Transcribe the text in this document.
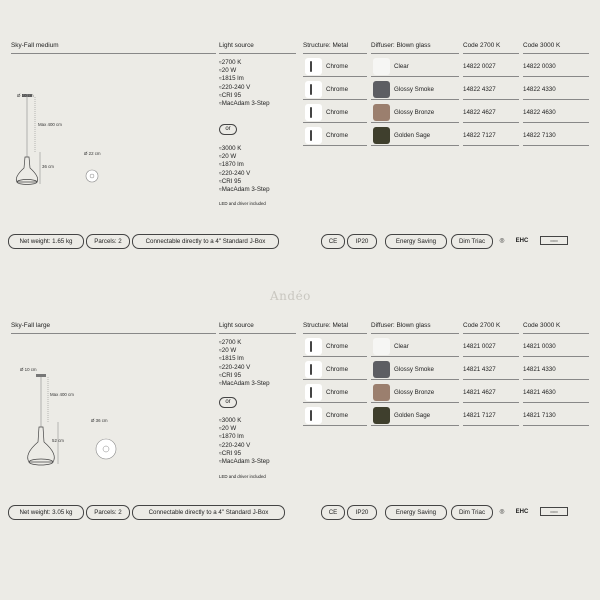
Andéo
Sky-Fall medium	Light source	Structure: Metal	Diffuser: Blown glass	Code 2700 K	Code 3000 K
Ø 10 cm
Max 400 cm
36 cm
Ø 22 cm
≈ 2700 K
≈ 20 W
≈ 1815 lm
≈ 220-240 V
≈ CRI 95
≈ MacAdam 3-Step
or
≈ 3000 K
≈ 20 W
≈ 1870 lm
≈ 220-240 V
≈ CRI 95
≈ MacAdam 3-Step
LED and driver included
Chrome	Clear	14822 0027	14822 0030
Chrome	Glossy Smoke	14822 4327	14822 4330
Chrome	Glossy Bronze	14822 4627	14822 4630
Chrome	Golden Sage	14822 7127	14822 7130
Net weight: 1.65 kg	Parcels: 2	Connectable directly to a 4" Standard J-Box	CE	IP20	Energy Saving	Dim Triac	◎	EHC	▭▭
Sky-Fall large	Light source	Structure: Metal	Diffuser: Blown glass	Code 2700 K	Code 3000 K
Ø 10 cm
Max 400 cm
52 cm
Ø 36 cm
≈ 2700 K
≈ 20 W
≈ 1815 lm
≈ 220-240 V
≈ CRI 95
≈ MacAdam 3-Step
or
≈ 3000 K
≈ 20 W
≈ 1870 lm
≈ 220-240 V
≈ CRI 95
≈ MacAdam 3-Step
LED and driver included
Chrome	Clear	14821 0027	14821 0030
Chrome	Glossy Smoke	14821 4327	14821 4330
Chrome	Glossy Bronze	14821 4627	14821 4630
Chrome	Golden Sage	14821 7127	14821 7130
Net weight: 3.05 kg	Parcels: 2	Connectable directly to a 4" Standard J-Box	CE	IP20	Energy Saving	Dim Triac	◎	EHC	▭▭
